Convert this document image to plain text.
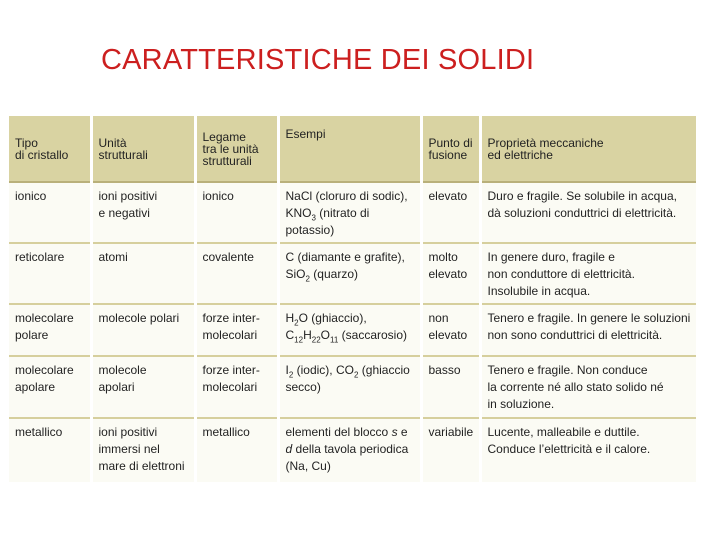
CARATTERISTICHE DEI SOLIDI
Tipo
di cristallo	Unità
strutturali	Legame
tra le unità
strutturali	Esempi	Punto di
fusione	Proprietà meccaniche
ed elettriche

ionico	ioni positivi
e negativi	ionico	NaCl (cloruro di sodic),
$KNO_3$ (nitrato di
potassio)	elevato	Duro e fragile. Se solubile in acqua,
dà soluzioni conduttrici di elettricità.

reticolare	atomi	covalente	C (diamante e grafite),
SiO$_2$ (quarzo)	molto
elevato	In genere duro, fragile e
non conduttore di elettricità.
Insolubile in acqua.

molecolare
polare	molecole polari	forze inter-
molecolari	$H_2O$ (ghiaccio),
$C_{12}H_{22}O_{11}$ (saccarosio)	non
elevato	Tenero e fragile. In genere le soluzioni
non sono conduttrici di elettricità.

molecolare
apolare	molecole
apolari	forze inter-
molecolari	$I_2$ (iodic), $CO_2$ (ghiaccio
secco)	basso	Tenero e fragile. Non conduce
la corrente né allo stato solido né
in soluzione.

metallico	ioni positivi
immersi nel
mare di elettroni	metallico	elementi del blocco s e
d della tavola periodica
(Na, Cu)	variabile	Lucente, malleabile e duttile.
Conduce l’elettricità e il calore.
